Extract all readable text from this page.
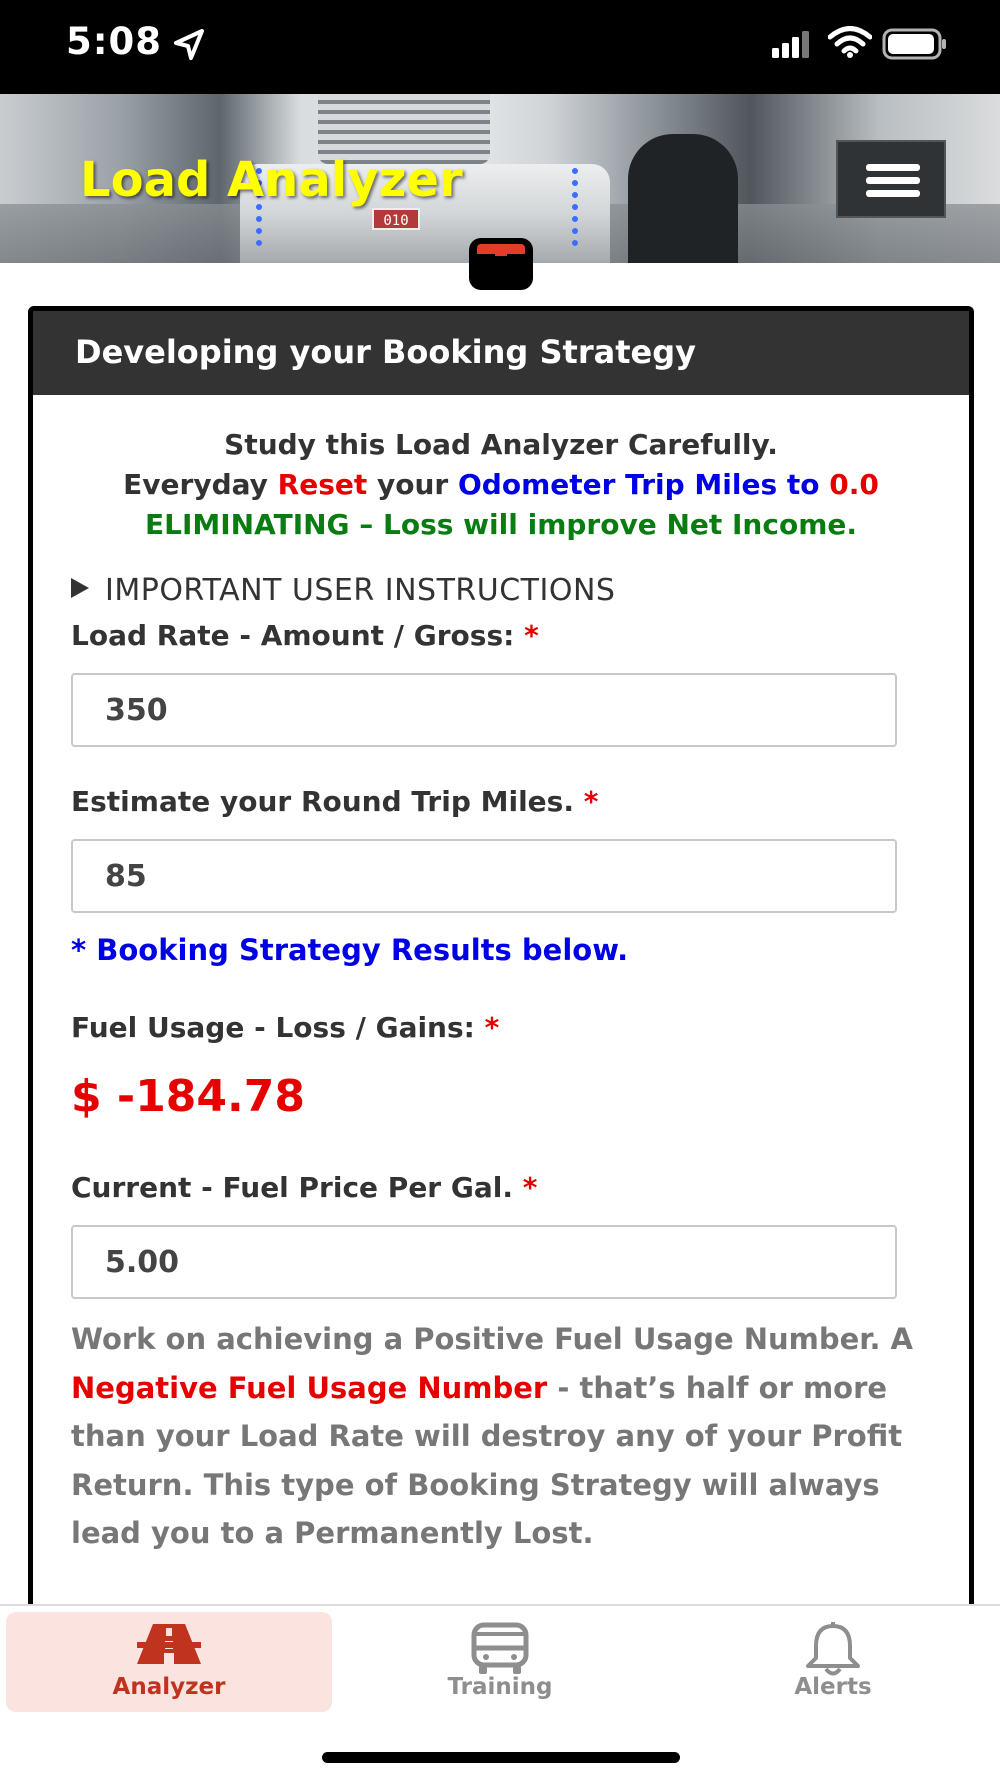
5:08
010
Load Analyzer
Developing your Booking Strategy
Study this Load Analyzer Carefully.
Everyday Reset your Odometer Trip Miles to 0.0
ELIMINATING – Loss will improve Net Income.
IMPORTANT USER INSTRUCTIONS
Load Rate - Amount / Gross: *
350
Estimate your Round Trip Miles. *
85
* Booking Strategy Results below.
Fuel Usage - Loss / Gains: *
$ -184.78
Current - Fuel Price Per Gal. *
5.00
Work on achieving a Positive Fuel Usage Number. A Negative Fuel Usage Number - that’s half or more than your Load Rate will destroy any of your Profit Return. This type of Booking Strategy will always lead you to a Permanently Lost.
Analyzer	Training	Alerts
